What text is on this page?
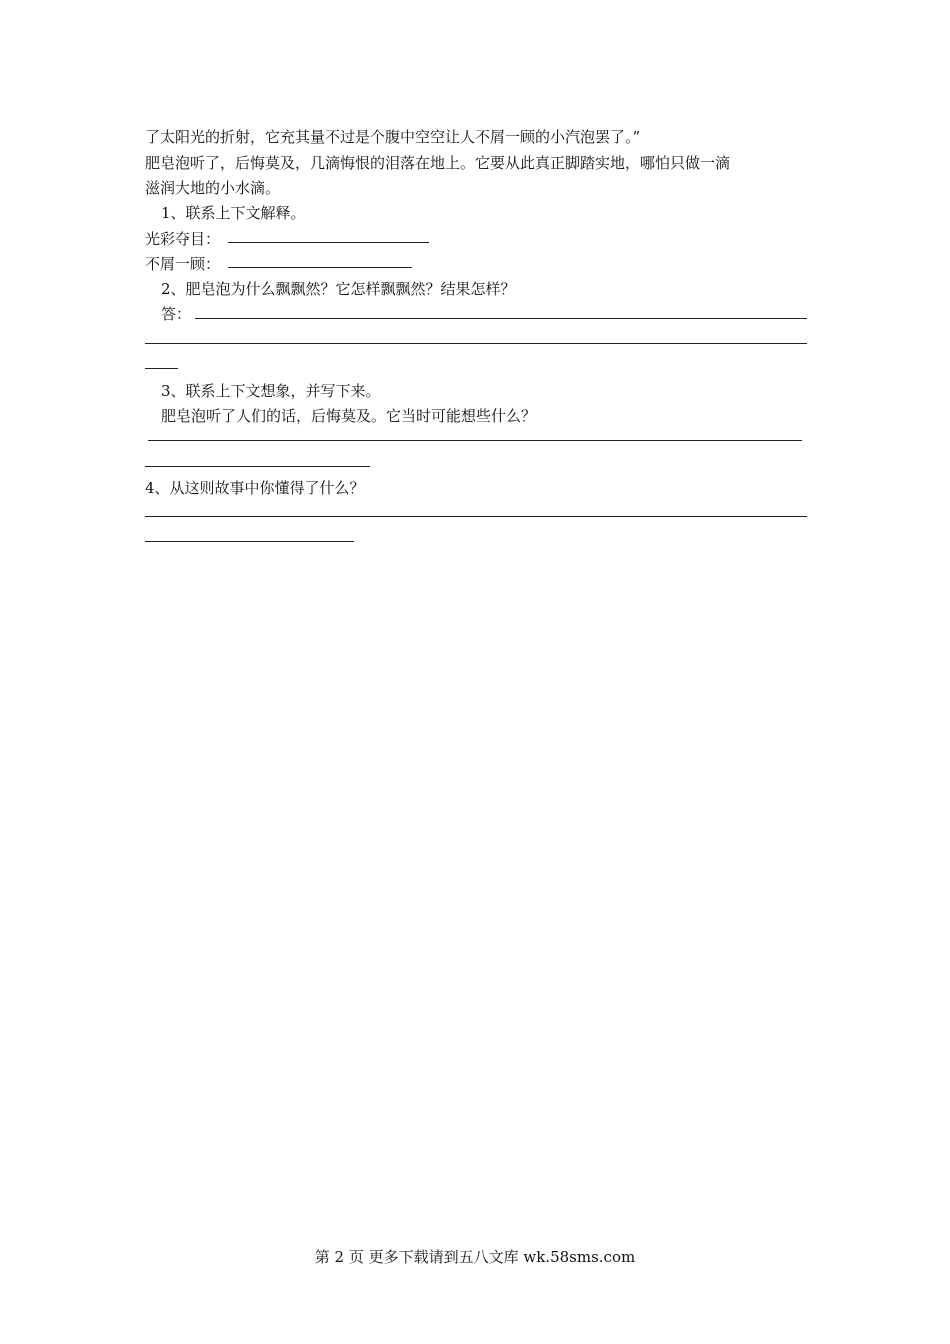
了太阳光的折射，它充其量不过是个腹中空空让人不屑一顾的小汽泡罢了。”
肥皂泡听了，后悔莫及，几滴悔恨的泪落在地上。它要从此真正脚踏实地，哪怕只做一滴
滋润大地的小水滴。
1、联系上下文解释。
光彩夺目：
不屑一顾：
2、肥皂泡为什么飘飘然？它怎样飘飘然？结果怎样？
答：
3、联系上下文想象，并写下来。
肥皂泡听了人们的话，后悔莫及。它当时可能想些什么？
4、从这则故事中你懂得了什么？
第 2 页 更多下载请到五八文库 wk.58sms.com
